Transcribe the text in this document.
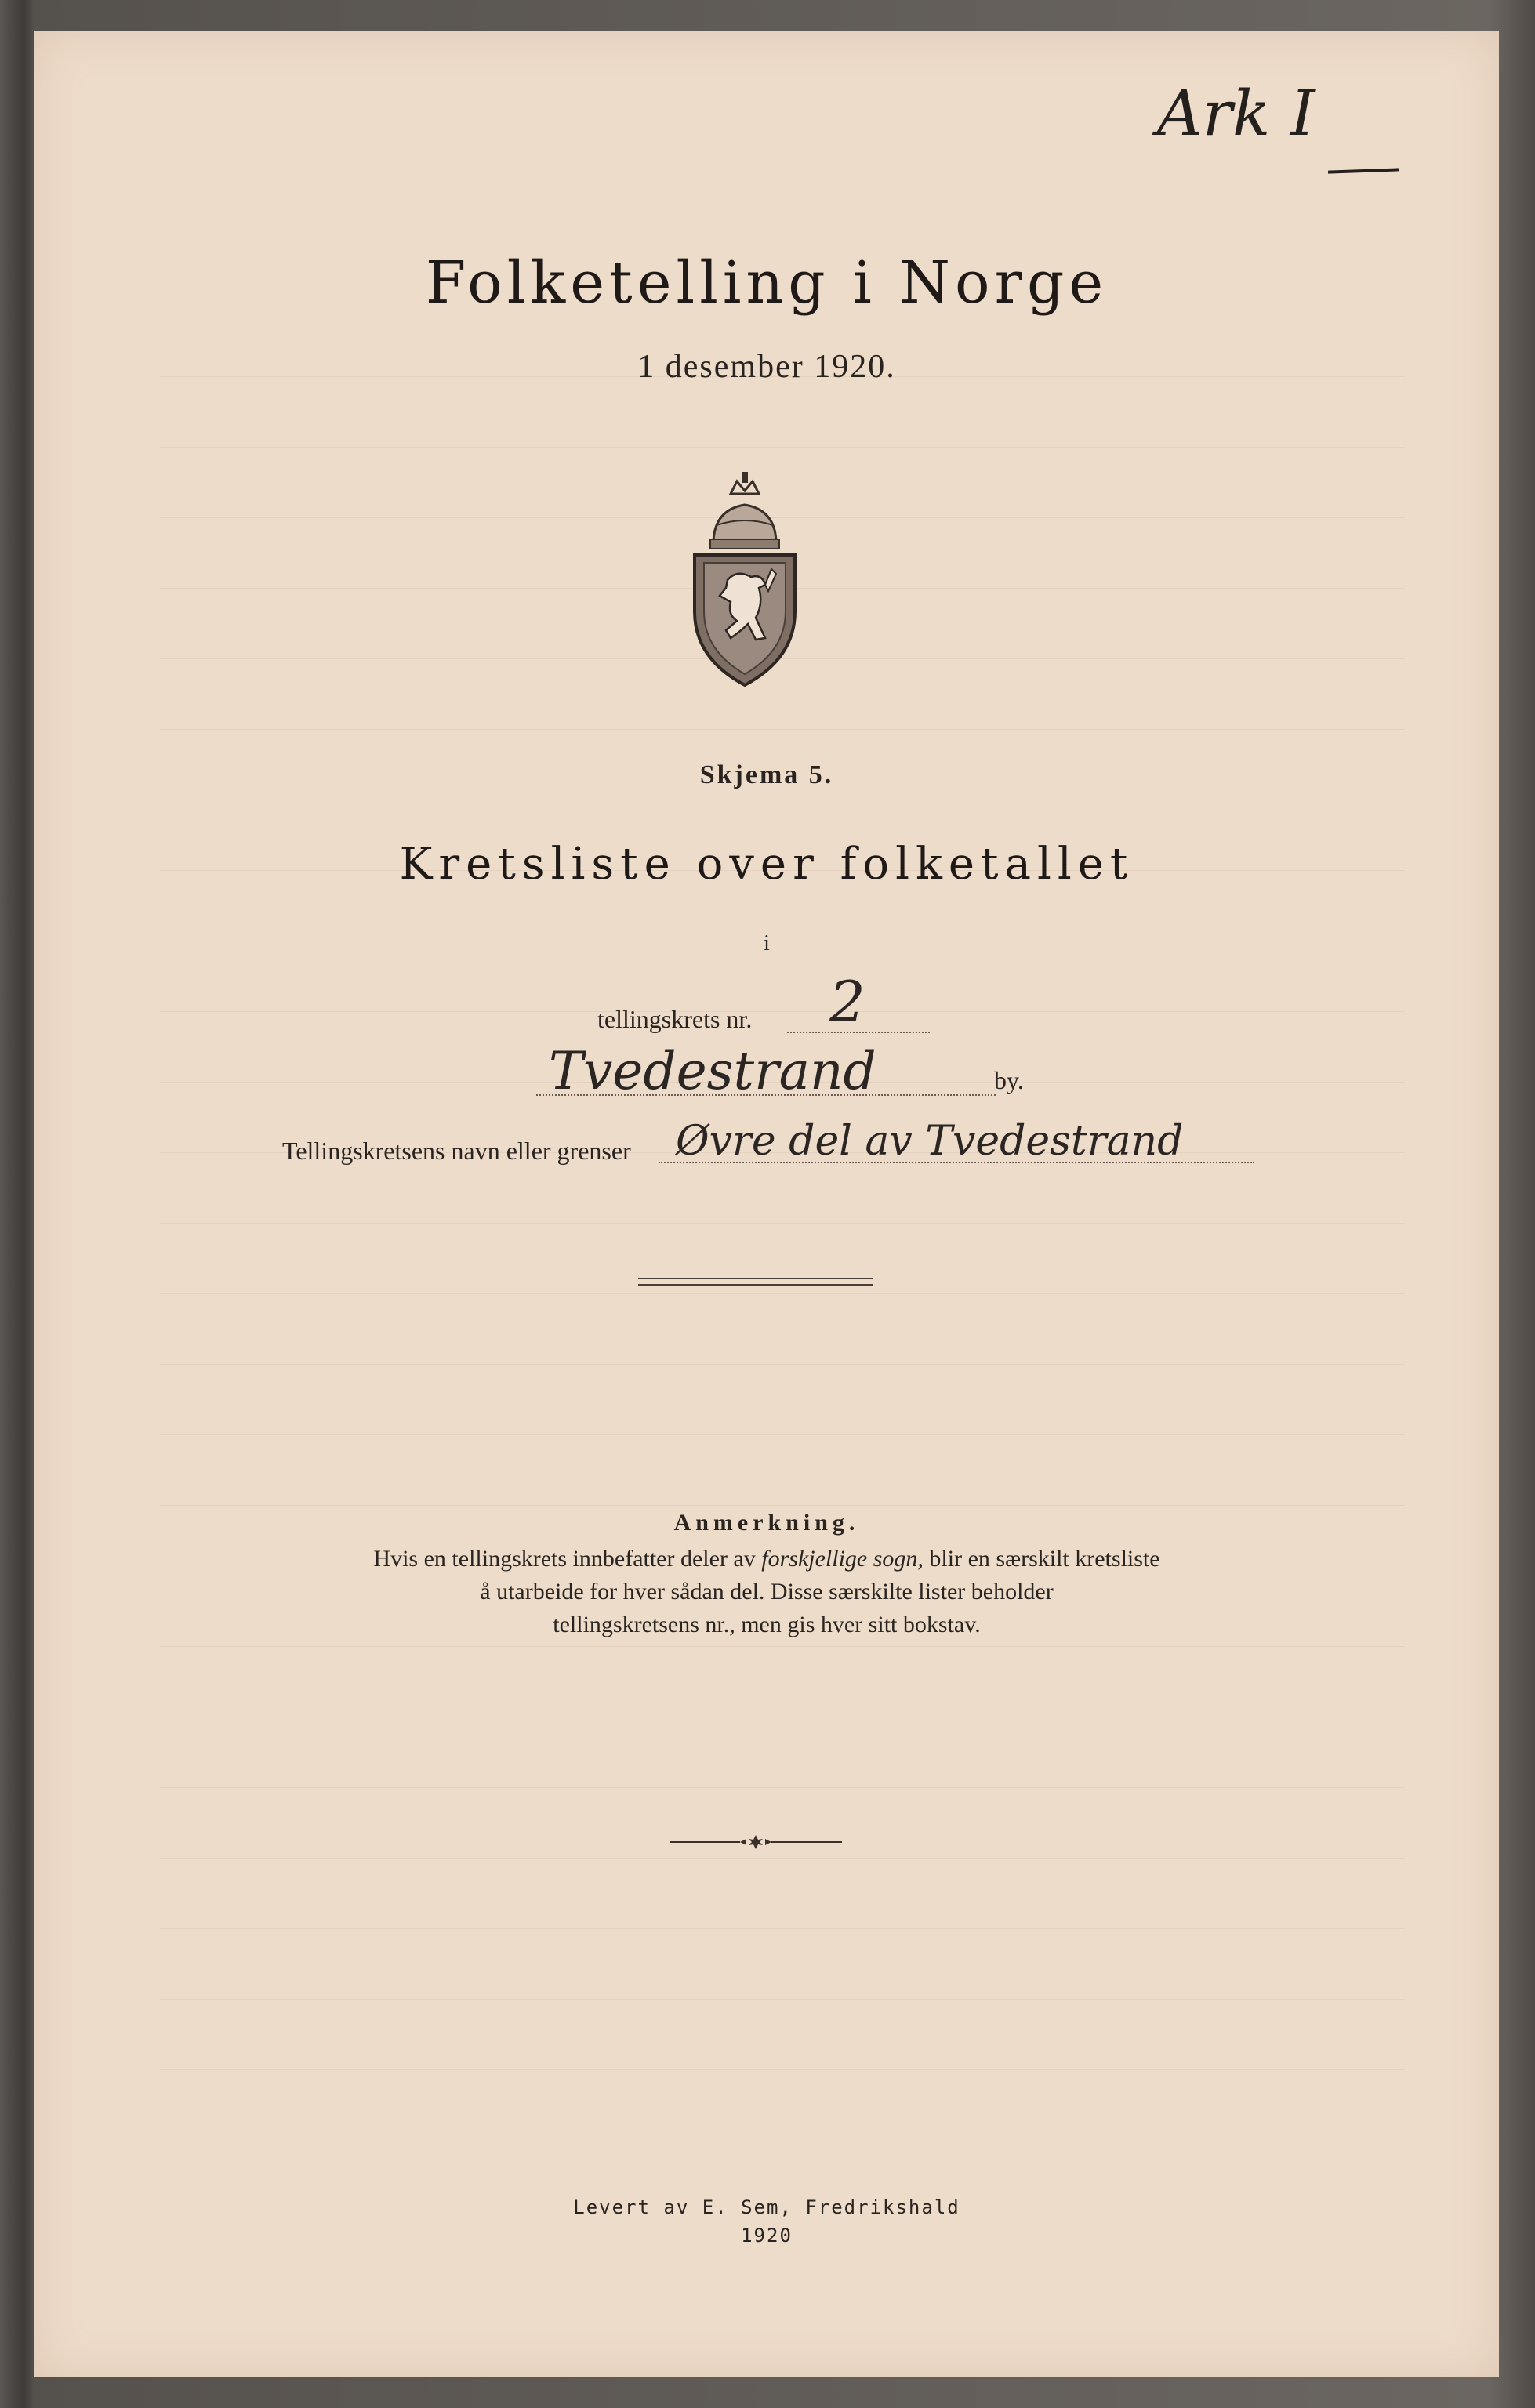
Ark I
Folketelling i Norge
1 desember 1920.
Skjema 5.
Kretsliste over folketallet
i
tellingskrets nr. 2
Tvedestrand	by.
Tellingskretsens navn eller grenser Øvre del av Tvedestrand
Anmerkning.
Hvis en tellingskrets innbefatter deler av forskjellige sogn, blir en særskilt kretsliste
å utarbeide for hver sådan del. Disse særskilte lister beholder
tellingskretsens nr., men gis hver sitt bokstav.
Levert av E. Sem, Fredrikshald
1920
